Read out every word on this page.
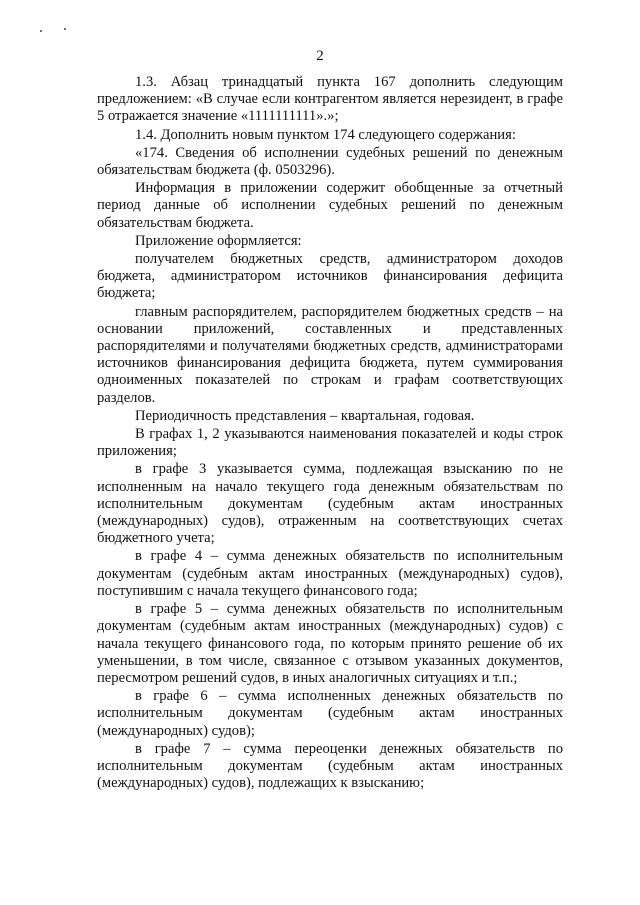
2

1.3. Абзац тринадцатый пункта 167 дополнить следующим предложением: «В случае если контрагентом является нерезидент, в графе 5 отражается значение «1111111111».»;

1.4. Дополнить новым пунктом 174 следующего содержания:

«174. Сведения об исполнении судебных решений по денежным обязательствам бюджета (ф. 0503296).

Информация в приложении содержит обобщенные за отчетный период данные об исполнении судебных решений по денежным обязательствам бюджета.

Приложение оформляется:

получателем бюджетных средств, администратором доходов бюджета, администратором источников финансирования дефицита бюджета;

главным распорядителем, распорядителем бюджетных средств – на основании приложений, составленных и представленных распорядителями и получателями бюджетных средств, администраторами источников финансирования дефицита бюджета, путем суммирования одноименных показателей по строкам и графам соответствующих разделов.

Периодичность представления – квартальная, годовая.

В графах 1, 2 указываются наименования показателей и коды строк приложения;

в графе 3 указывается сумма, подлежащая взысканию по не исполненным на начало текущего года денежным обязательствам по исполнительным документам (судебным актам иностранных (международных) судов), отраженным на соответствующих счетах бюджетного учета;

в графе 4 – сумма денежных обязательств по исполнительным документам (судебным актам иностранных (международных) судов), поступившим с начала текущего финансового года;

в графе 5 – сумма денежных обязательств по исполнительным документам (судебным актам иностранных (международных) судов) с начала текущего финансового года, по которым принято решение об их уменьшении, в том числе, связанное с отзывом указанных документов, пересмотром решений судов, в иных аналогичных ситуациях и т.п.;

в графе 6 – сумма исполненных денежных обязательств по исполнительным документам (судебным актам иностранных (международных) судов);

в графе 7 – сумма переоценки денежных обязательств по исполнительным документам (судебным актам иностранных (международных) судов), подлежащих к взысканию;
